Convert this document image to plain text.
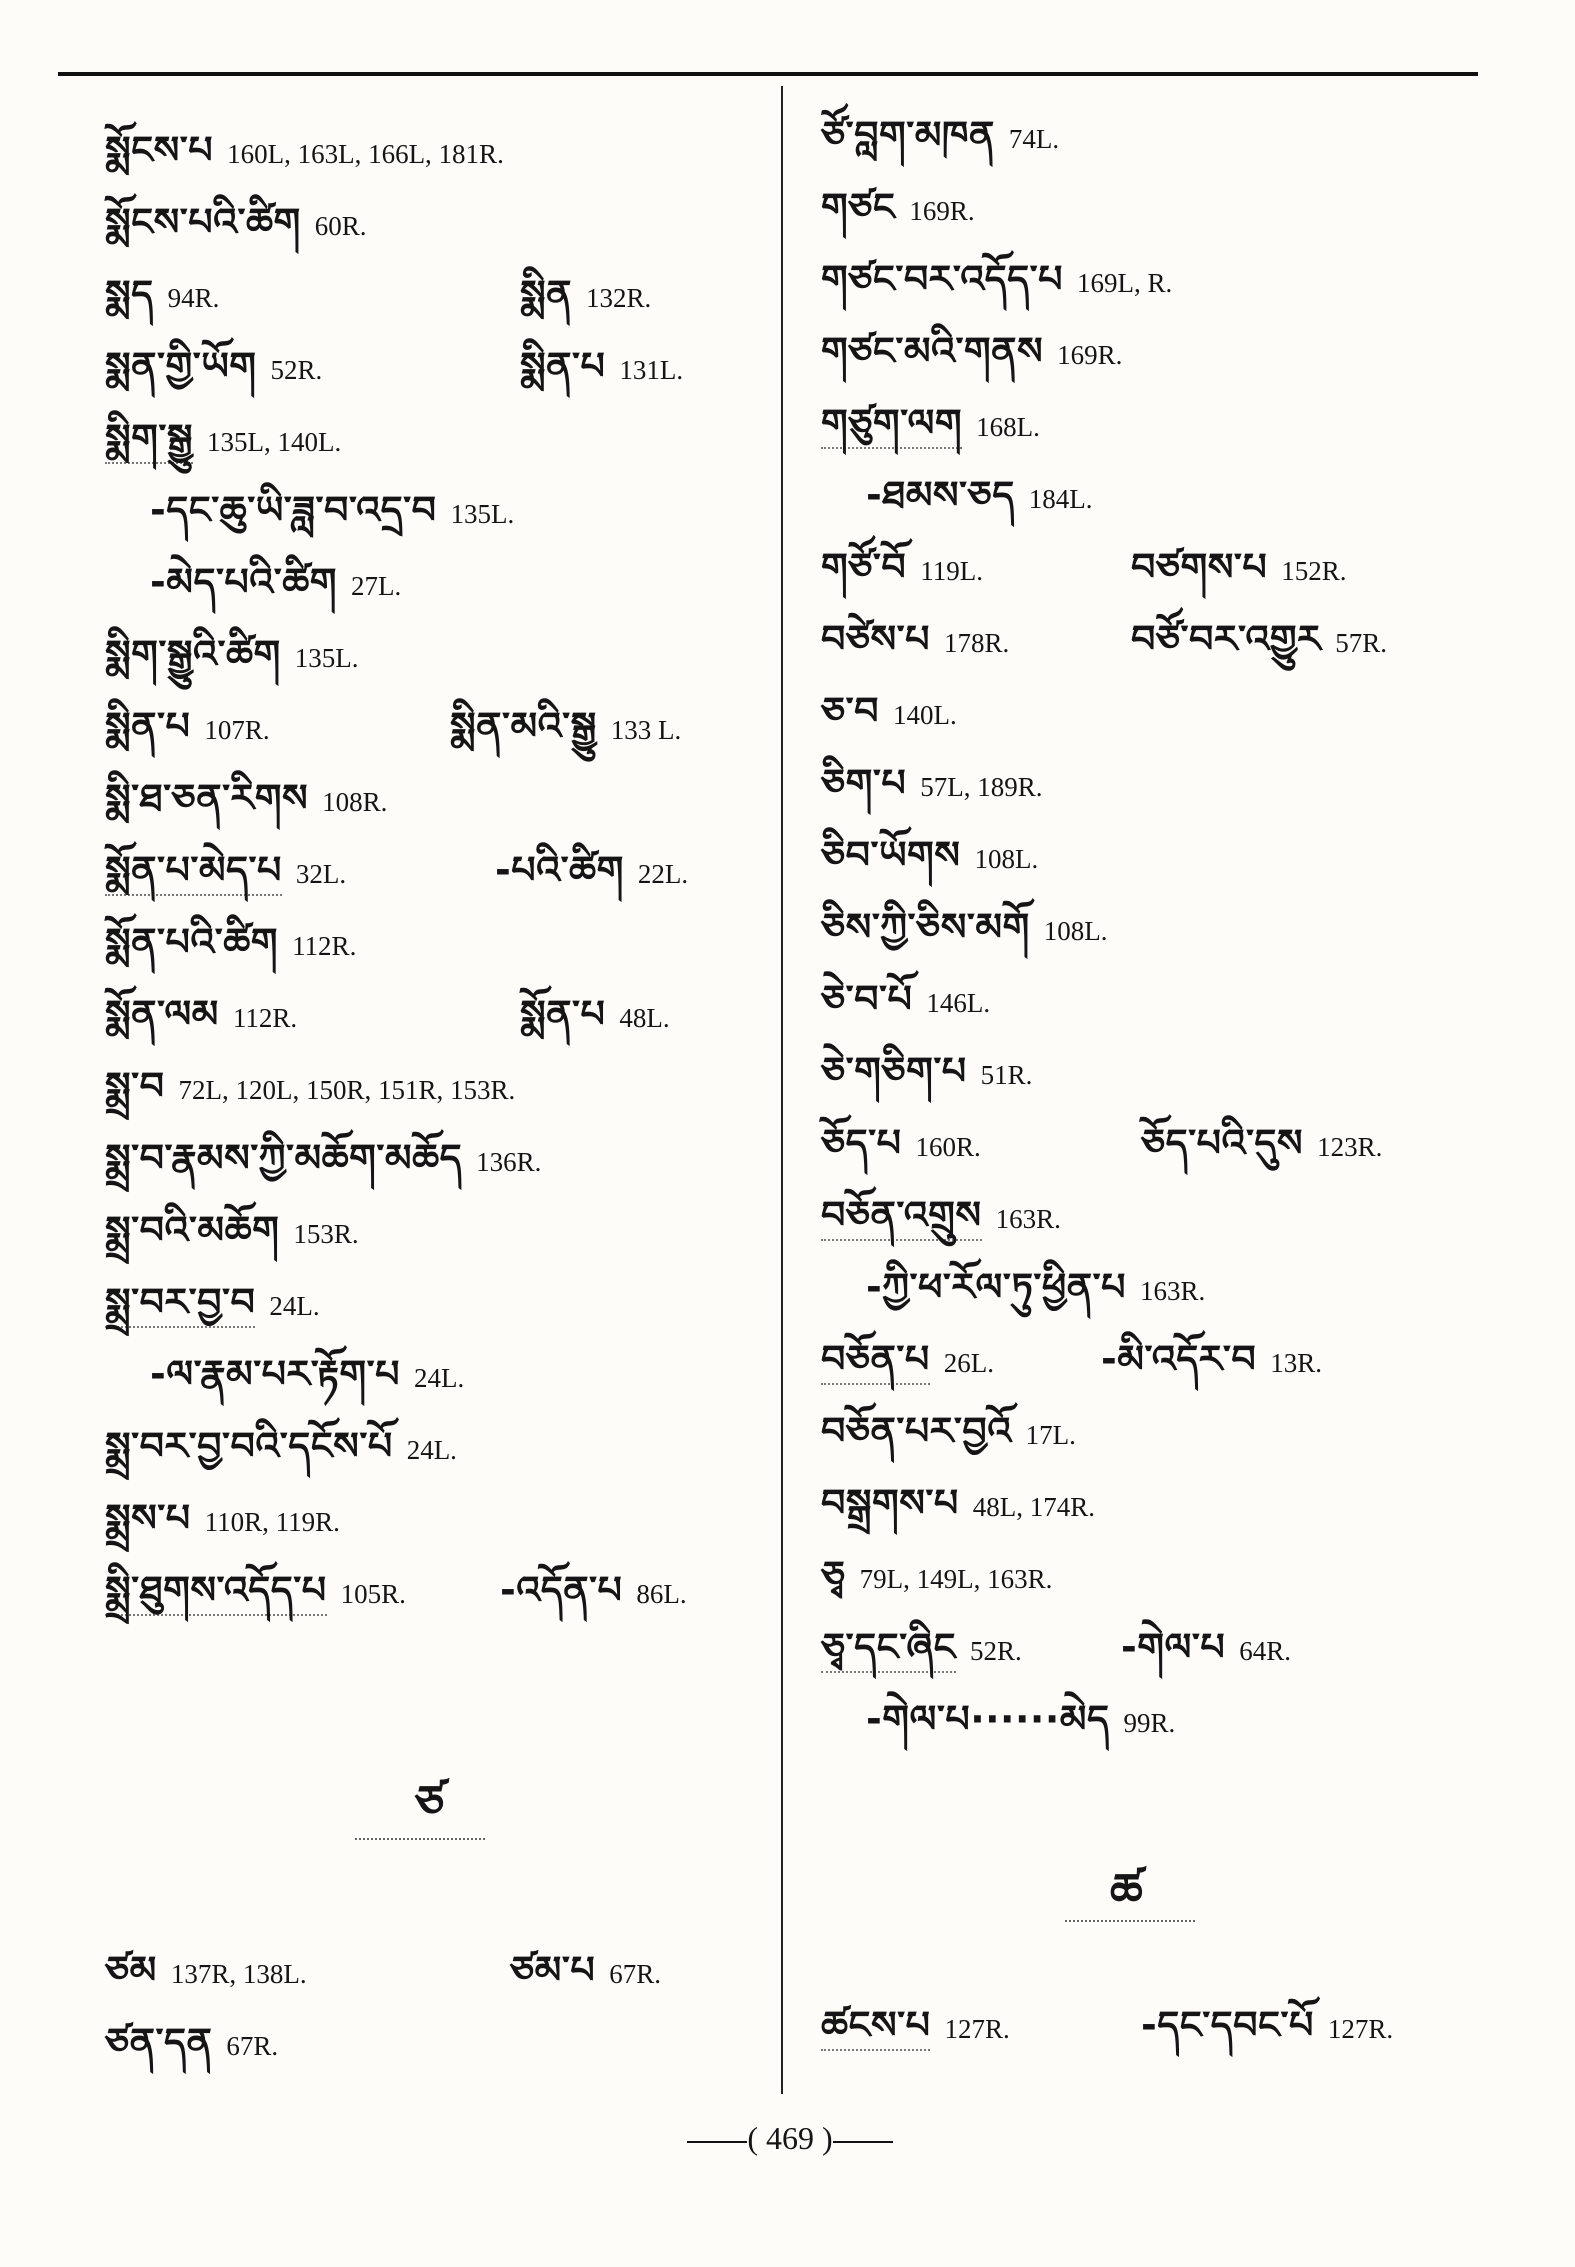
སྨོངས་པ 160L, 163L, 166L, 181R.
སྨོངས་པའི་ཚིག 60R.
སྨད 94R.	སྨིན 132R.
སྨན་གྱི་ཡོག 52R.	སྨིན་པ 131L.
སྨིག་སྒྱུ 135L, 140L.
-དང་ཆུ་ཡི་ཟླ་བ་འདྲ་བ 135L.
-མེད་པའི་ཚིག 27L.
སྨིག་སྒྱུའི་ཚིག 135L.
སྨིན་པ 107R.	སྨིན་མའི་སྒྱུ 133 L.
སྨི་ཐ་ཅན་རིགས 108R.
སྨོན་པ་མེད་པ 32L.	-པའི་ཚིག 22L.
སྨོན་པའི་ཚིག 112R.
སྨོན་ལམ 112R.	སྨོན་པ 48L.
སྨྲ་བ 72L, 120L, 150R, 151R, 153R.
སྨྲ་བ་རྣམས་ཀྱི་མཆོག་མཆོད 136R.
སྨྲ་བའི་མཆོག 153R.
སྨྲ་བར་བྱ་བ 24L.
-ལ་རྣམ་པར་རྟོག་པ 24L.
སྨྲ་བར་བྱ་བའི་དངོས་པོ 24L.
སྨྲས་པ 110R, 119R.
སྨྲི་ཐུགས་འདོད་པ 105R. -འདོན་པ 86L.
ཙ
ཙམ 137R, 138L.	ཙམ་པ 67R.
ཙན་དན 67R.
ཙོ་བླག་མཁན 74L.
གཙང 169R.
གཙང་བར་འདོད་པ 169L, R.
གཙང་མའི་གནས 169R.
གཙུག་ལག 168L.
-ཐམས་ཅད 184L.
གཙོ་བོ 119L.	བཙགས་པ 152R.
བཙེས་པ 178R.	བཙོ་བར་འགྱུར 57R.
ཅ་བ 140L.
ཅིག་པ 57L, 189R.
ཅིབ་ཡོགས 108L.
ཅིས་ཀྱི་ཅིས་མགོ 108L.
ཅེ་བ་པོ 146L.
ཅེ་གཅིག་པ 51R.
ཅོད་པ 160R.	ཅོད་པའི་དུས 123R.
བཅོན་འགྲུས 163R.
-ཀྱི་ཕ་རོལ་ཏུ་ཕྱིན་པ 163R.
བཅོན་པ 26L.	-མི་འདོར་བ 13R.
བཅོན་པར་བྱའོ 17L.
བསྒྲགས་པ 48L, 174R.
ཅྭ 79L, 149L, 163R.
ཅྭ་དང་ཞིང 52R.	-གེལ་པ 64R.
-གེལ་པ······མེད 99R.
ཚ
ཚངས་པ 127R.	-དང་དབང་པོ 127R.
( 469 )
